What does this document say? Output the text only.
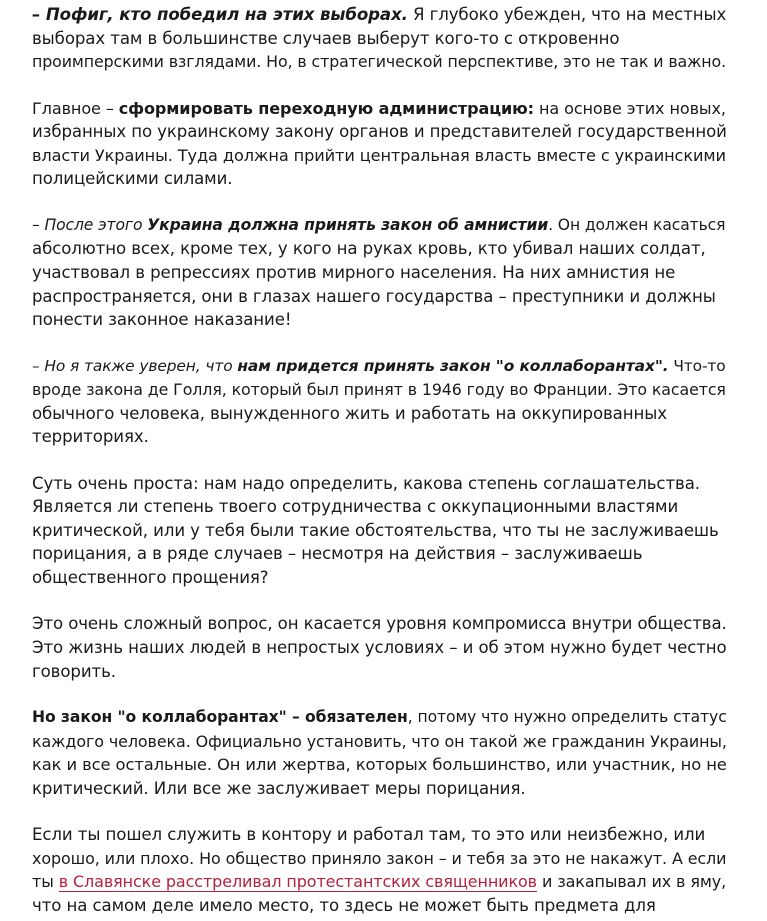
– Пофиг, кто победил на этих выборах. Я глубоко убежден, что на местных
выборах там в большинстве случаев выберут кого-то с откровенно
проимперскими взглядами. Но, в стратегической перспективе, это не так и важно.

Главное – сформировать переходную администрацию: на основе этих новых,
избранных по украинскому закону органов и представителей государственной
власти Украины. Туда должна прийти центральная власть вместе с украинскими
полицейскими силами.

– После этого Украина должна принять закон об амнистии. Он должен касаться
абсолютно всех, кроме тех, у кого на руках кровь, кто убивал наших солдат,
участвовал в репрессиях против мирного населения. На них амнистия не
распространяется, они в глазах нашего государства – преступники и должны
понести законное наказание!

– Но я также уверен, что нам придется принять закон "о коллаборантах". Что-то
вроде закона де Голля, который был принят в 1946 году во Франции. Это касается
обычного человека, вынужденного жить и работать на оккупированных
территориях.

Суть очень проста: нам надо определить, какова степень соглашательства.
Является ли степень твоего сотрудничества с оккупационными властями
критической, или у тебя были такие обстоятельства, что ты не заслуживаешь
порицания, а в ряде случаев – несмотря на действия – заслуживаешь
общественного прощения?

Это очень сложный вопрос, он касается уровня компромисса внутри общества.
Это жизнь наших людей в непростых условиях – и об этом нужно будет честно
говорить.

Но закон "о коллаборантах" – обязателен, потому что нужно определить статус
каждого человека. Официально установить, что он такой же гражданин Украины,
как и все остальные. Он или жертва, которых большинство, или участник, но не
критический. Или все же заслуживает меры порицания.

Если ты пошел служить в контору и работал там, то это или неизбежно, или
хорошо, или плохо. Но общество приняло закон – и тебя за это не накажут. А если
ты в Славянске расстреливал протестантских священников и закапывал их в яму,
что на самом деле имело место, то здесь не может быть предмета для
